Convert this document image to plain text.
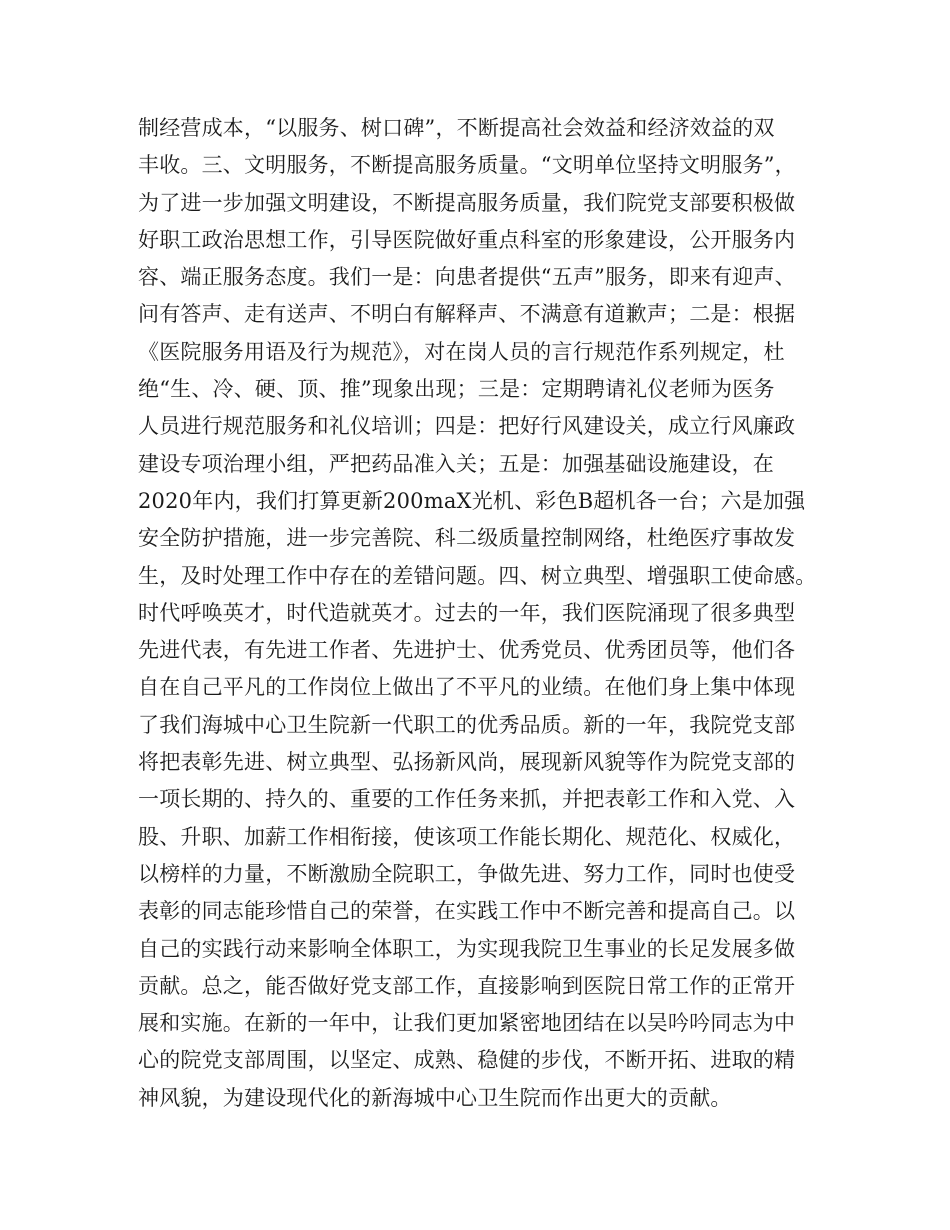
制经营成本，“以服务、树口碑”，不断提高社会效益和经济效益的双
丰收。三、文明服务，不断提高服务质量。“文明单位坚持文明服务”，
为了进一步加强文明建设，不断提高服务质量，我们院党支部要积极做
好职工政治思想工作，引导医院做好重点科室的形象建设，公开服务内
容、端正服务态度。我们一是：向患者提供“五声”服务，即来有迎声、
问有答声、走有送声、不明白有解释声、不满意有道歉声；二是：根据
《医院服务用语及行为规范》，对在岗人员的言行规范作系列规定，杜
绝“生、冷、硬、顶、推”现象出现；三是：定期聘请礼仪老师为医务
人员进行规范服务和礼仪培训；四是：把好行风建设关，成立行风廉政
建设专项治理小组，严把药品准入关；五是：加强基础设施建设，在
2020年内，我们打算更新200maX光机、彩色B超机各一台；六是加强
安全防护措施，进一步完善院、科二级质量控制网络，杜绝医疗事故发
生，及时处理工作中存在的差错问题。四、树立典型、增强职工使命感。
时代呼唤英才，时代造就英才。过去的一年，我们医院涌现了很多典型
先进代表，有先进工作者、先进护士、优秀党员、优秀团员等，他们各
自在自己平凡的工作岗位上做出了不平凡的业绩。在他们身上集中体现
了我们海城中心卫生院新一代职工的优秀品质。新的一年，我院党支部
将把表彰先进、树立典型、弘扬新风尚，展现新风貌等作为院党支部的
一项长期的、持久的、重要的工作任务来抓，并把表彰工作和入党、入
股、升职、加薪工作相衔接，使该项工作能长期化、规范化、权威化，
以榜样的力量，不断激励全院职工，争做先进、努力工作，同时也使受
表彰的同志能珍惜自己的荣誉，在实践工作中不断完善和提高自己。以
自己的实践行动来影响全体职工，为实现我院卫生事业的长足发展多做
贡献。总之，能否做好党支部工作，直接影响到医院日常工作的正常开
展和实施。在新的一年中，让我们更加紧密地团结在以吴吟吟同志为中
心的院党支部周围，以坚定、成熟、稳健的步伐，不断开拓、进取的精
神风貌，为建设现代化的新海城中心卫生院而作出更大的贡献。
